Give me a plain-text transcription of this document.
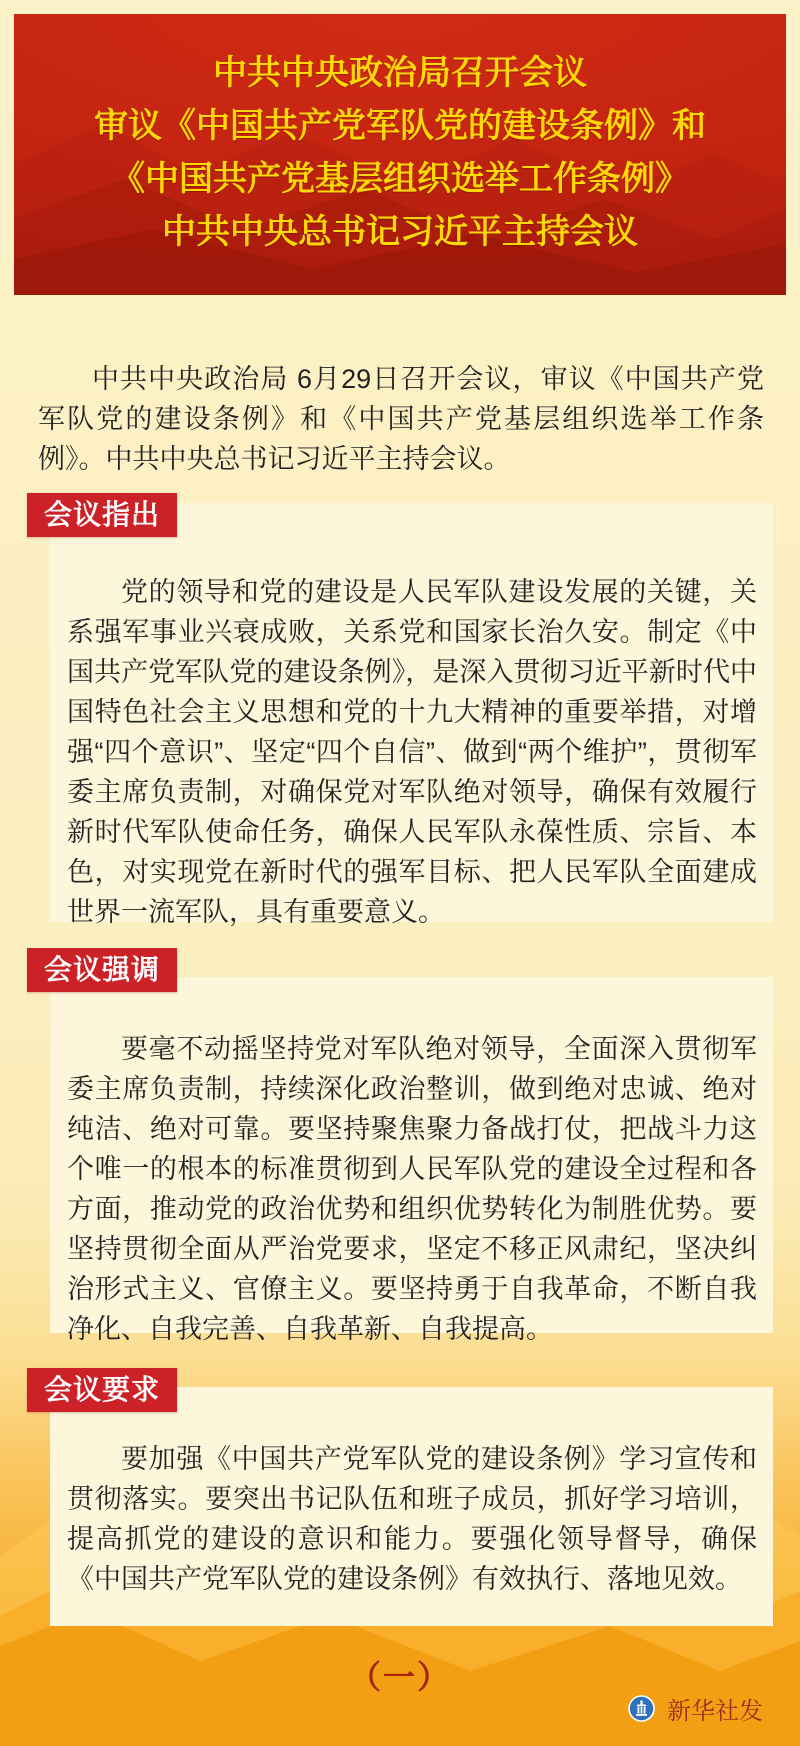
中共中央政治局召开会议
审议《中国共产党军队党的建设条例》和
《中国共产党基层组织选举工作条例》
中共中央总书记习近平主持会议

中共中央政治局 6月29日召开会议，审议《中国共产党军队党的建设条例》和《中国共产党基层组织选举工作条例》。中共中央总书记习近平主持会议。

会议指出

党的领导和党的建设是人民军队建设发展的关键，关系强军事业兴衰成败，关系党和国家长治久安。制定《中国共产党军队党的建设条例》，是深入贯彻习近平新时代中国特色社会主义思想和党的十九大精神的重要举措，对增强“四个意识”、坚定“四个自信”、做到“两个维护”，贯彻军委主席负责制，对确保党对军队绝对领导，确保有效履行新时代军队使命任务，确保人民军队永葆性质、宗旨、本色，对实现党在新时代的强军目标、把人民军队全面建成世界一流军队，具有重要意义。

会议强调

要毫不动摇坚持党对军队绝对领导，全面深入贯彻军委主席负责制，持续深化政治整训，做到绝对忠诚、绝对纯洁、绝对可靠。要坚持聚焦聚力备战打仗，把战斗力这个唯一的根本的标准贯彻到人民军队党的建设全过程和各方面，推动党的政治优势和组织优势转化为制胜优势。要坚持贯彻全面从严治党要求，坚定不移正风肃纪，坚决纠治形式主义、官僚主义。要坚持勇于自我革命，不断自我净化、自我完善、自我革新、自我提高。

会议要求

要加强《中国共产党军队党的建设条例》学习宣传和贯彻落实。要突出书记队伍和班子成员，抓好学习培训，提高抓党的建设的意识和能力。要强化领导督导，确保《中国共产党军队党的建设条例》有效执行、落地见效。

（一）
新华社发
